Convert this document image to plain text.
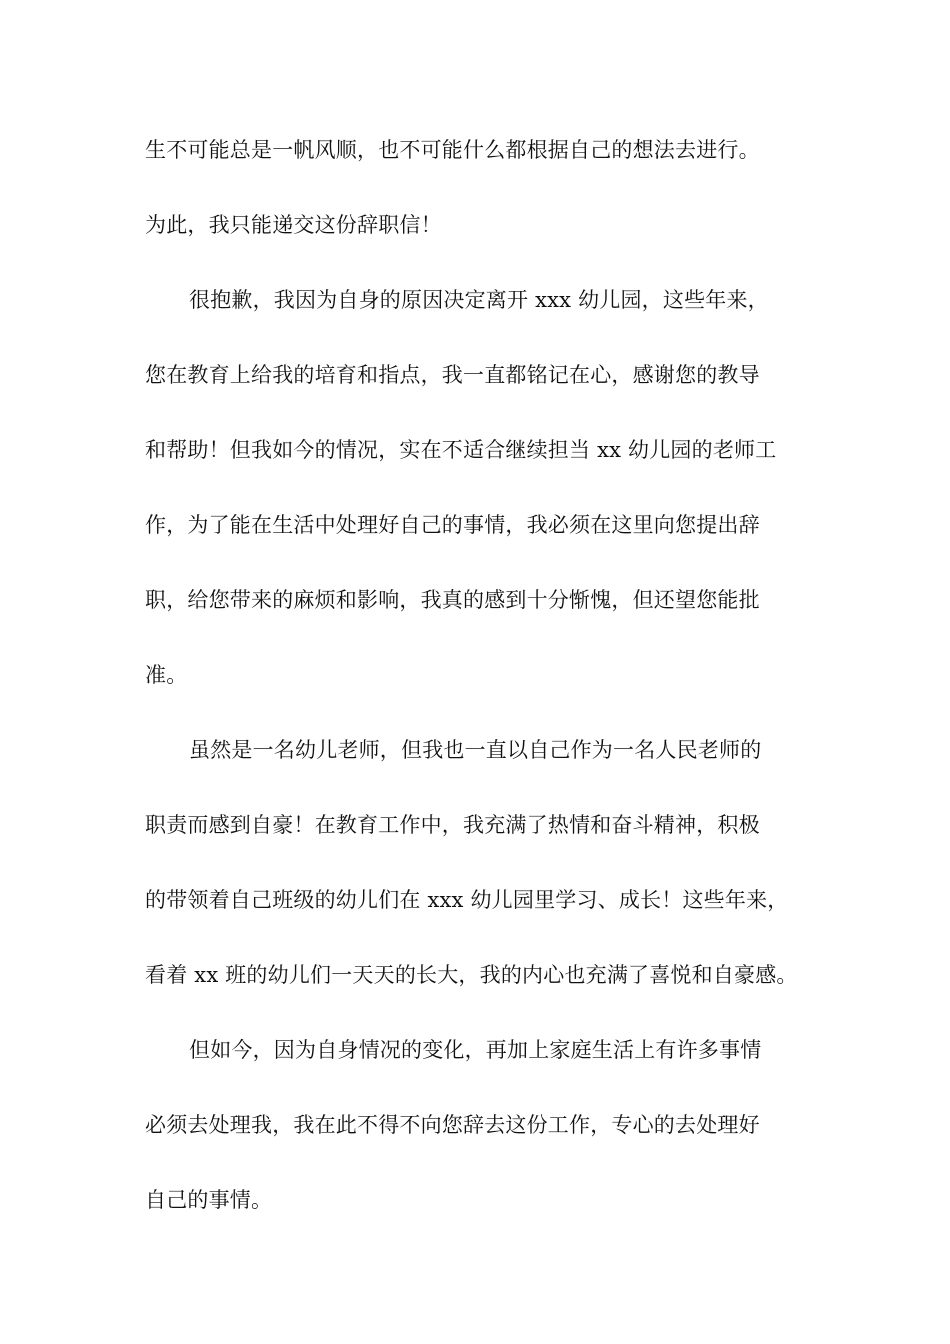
生不可能总是一帆风顺，也不可能什么都根据自己的想法去进行。
为此，我只能递交这份辞职信！
很抱歉，我因为自身的原因决定离开 xxx 幼儿园，这些年来，
您在教育上给我的培育和指点，我一直都铭记在心，感谢您的教导
和帮助！但我如今的情况，实在不适合继续担当 xx 幼儿园的老师工
作，为了能在生活中处理好自己的事情，我必须在这里向您提出辞
职，给您带来的麻烦和影响，我真的感到十分惭愧，但还望您能批
准。
虽然是一名幼儿老师，但我也一直以自己作为一名人民老师的
职责而感到自豪！在教育工作中，我充满了热情和奋斗精神，积极
的带领着自己班级的幼儿们在 xxx 幼儿园里学习、成长！这些年来，
看着 xx 班的幼儿们一天天的长大，我的内心也充满了喜悦和自豪感。
但如今，因为自身情况的变化，再加上家庭生活上有许多事情
必须去处理我，我在此不得不向您辞去这份工作，专心的去处理好
自己的事情。
